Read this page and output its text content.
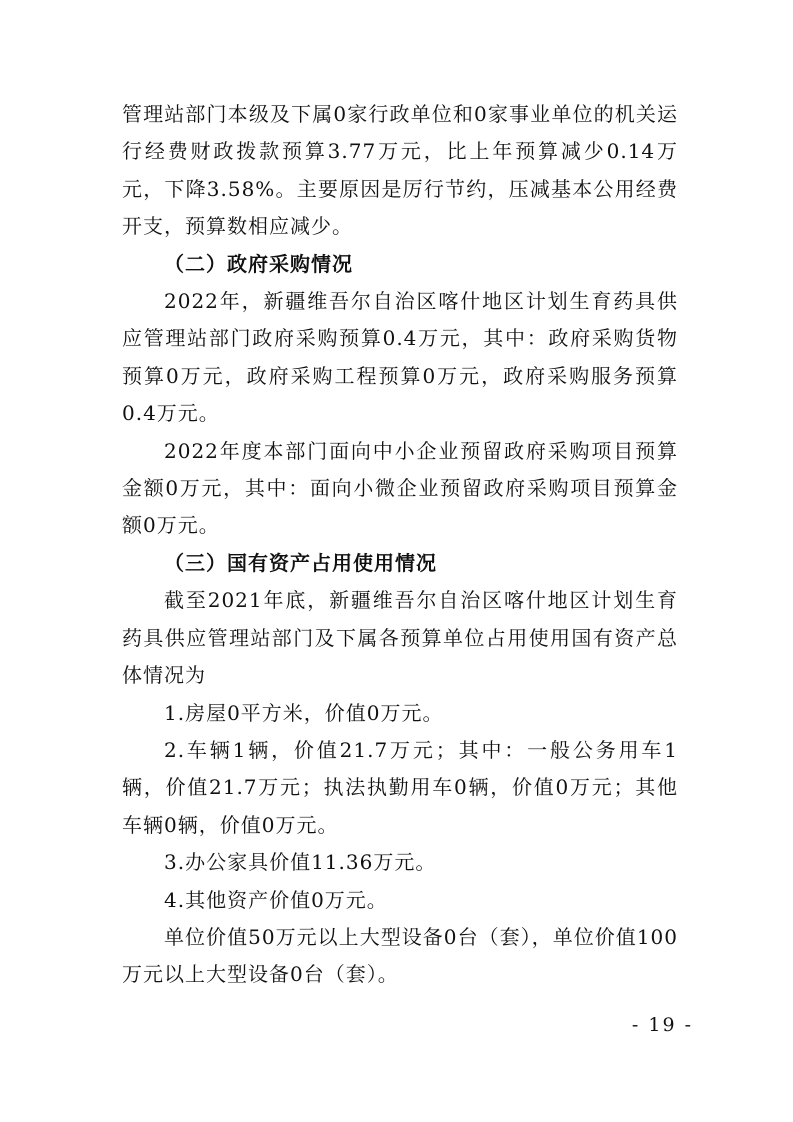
管理站部门本级及下属0家行政单位和0家事业单位的机关运行经费财政拨款预算3.77万元，比上年预算减少0.14万元，下降3.58%。主要原因是厉行节约，压减基本公用经费开支，预算数相应减少。

（二）政府采购情况

2022年，新疆维吾尔自治区喀什地区计划生育药具供应管理站部门政府采购预算0.4万元，其中：政府采购货物预算0万元，政府采购工程预算0万元，政府采购服务预算0.4万元。

2022年度本部门面向中小企业预留政府采购项目预算金额0万元，其中：面向小微企业预留政府采购项目预算金额0万元。

（三）国有资产占用使用情况

截至2021年底，新疆维吾尔自治区喀什地区计划生育药具供应管理站部门及下属各预算单位占用使用国有资产总体情况为

1.房屋0平方米，价值0万元。

2.车辆1辆，价值21.7万元；其中：一般公务用车1辆，价值21.7万元；执法执勤用车0辆，价值0万元；其他车辆0辆，价值0万元。

3.办公家具价值11.36万元。

4.其他资产价值0万元。

单位价值50万元以上大型设备0台（套），单位价值100万元以上大型设备0台（套）。

- 19 -
